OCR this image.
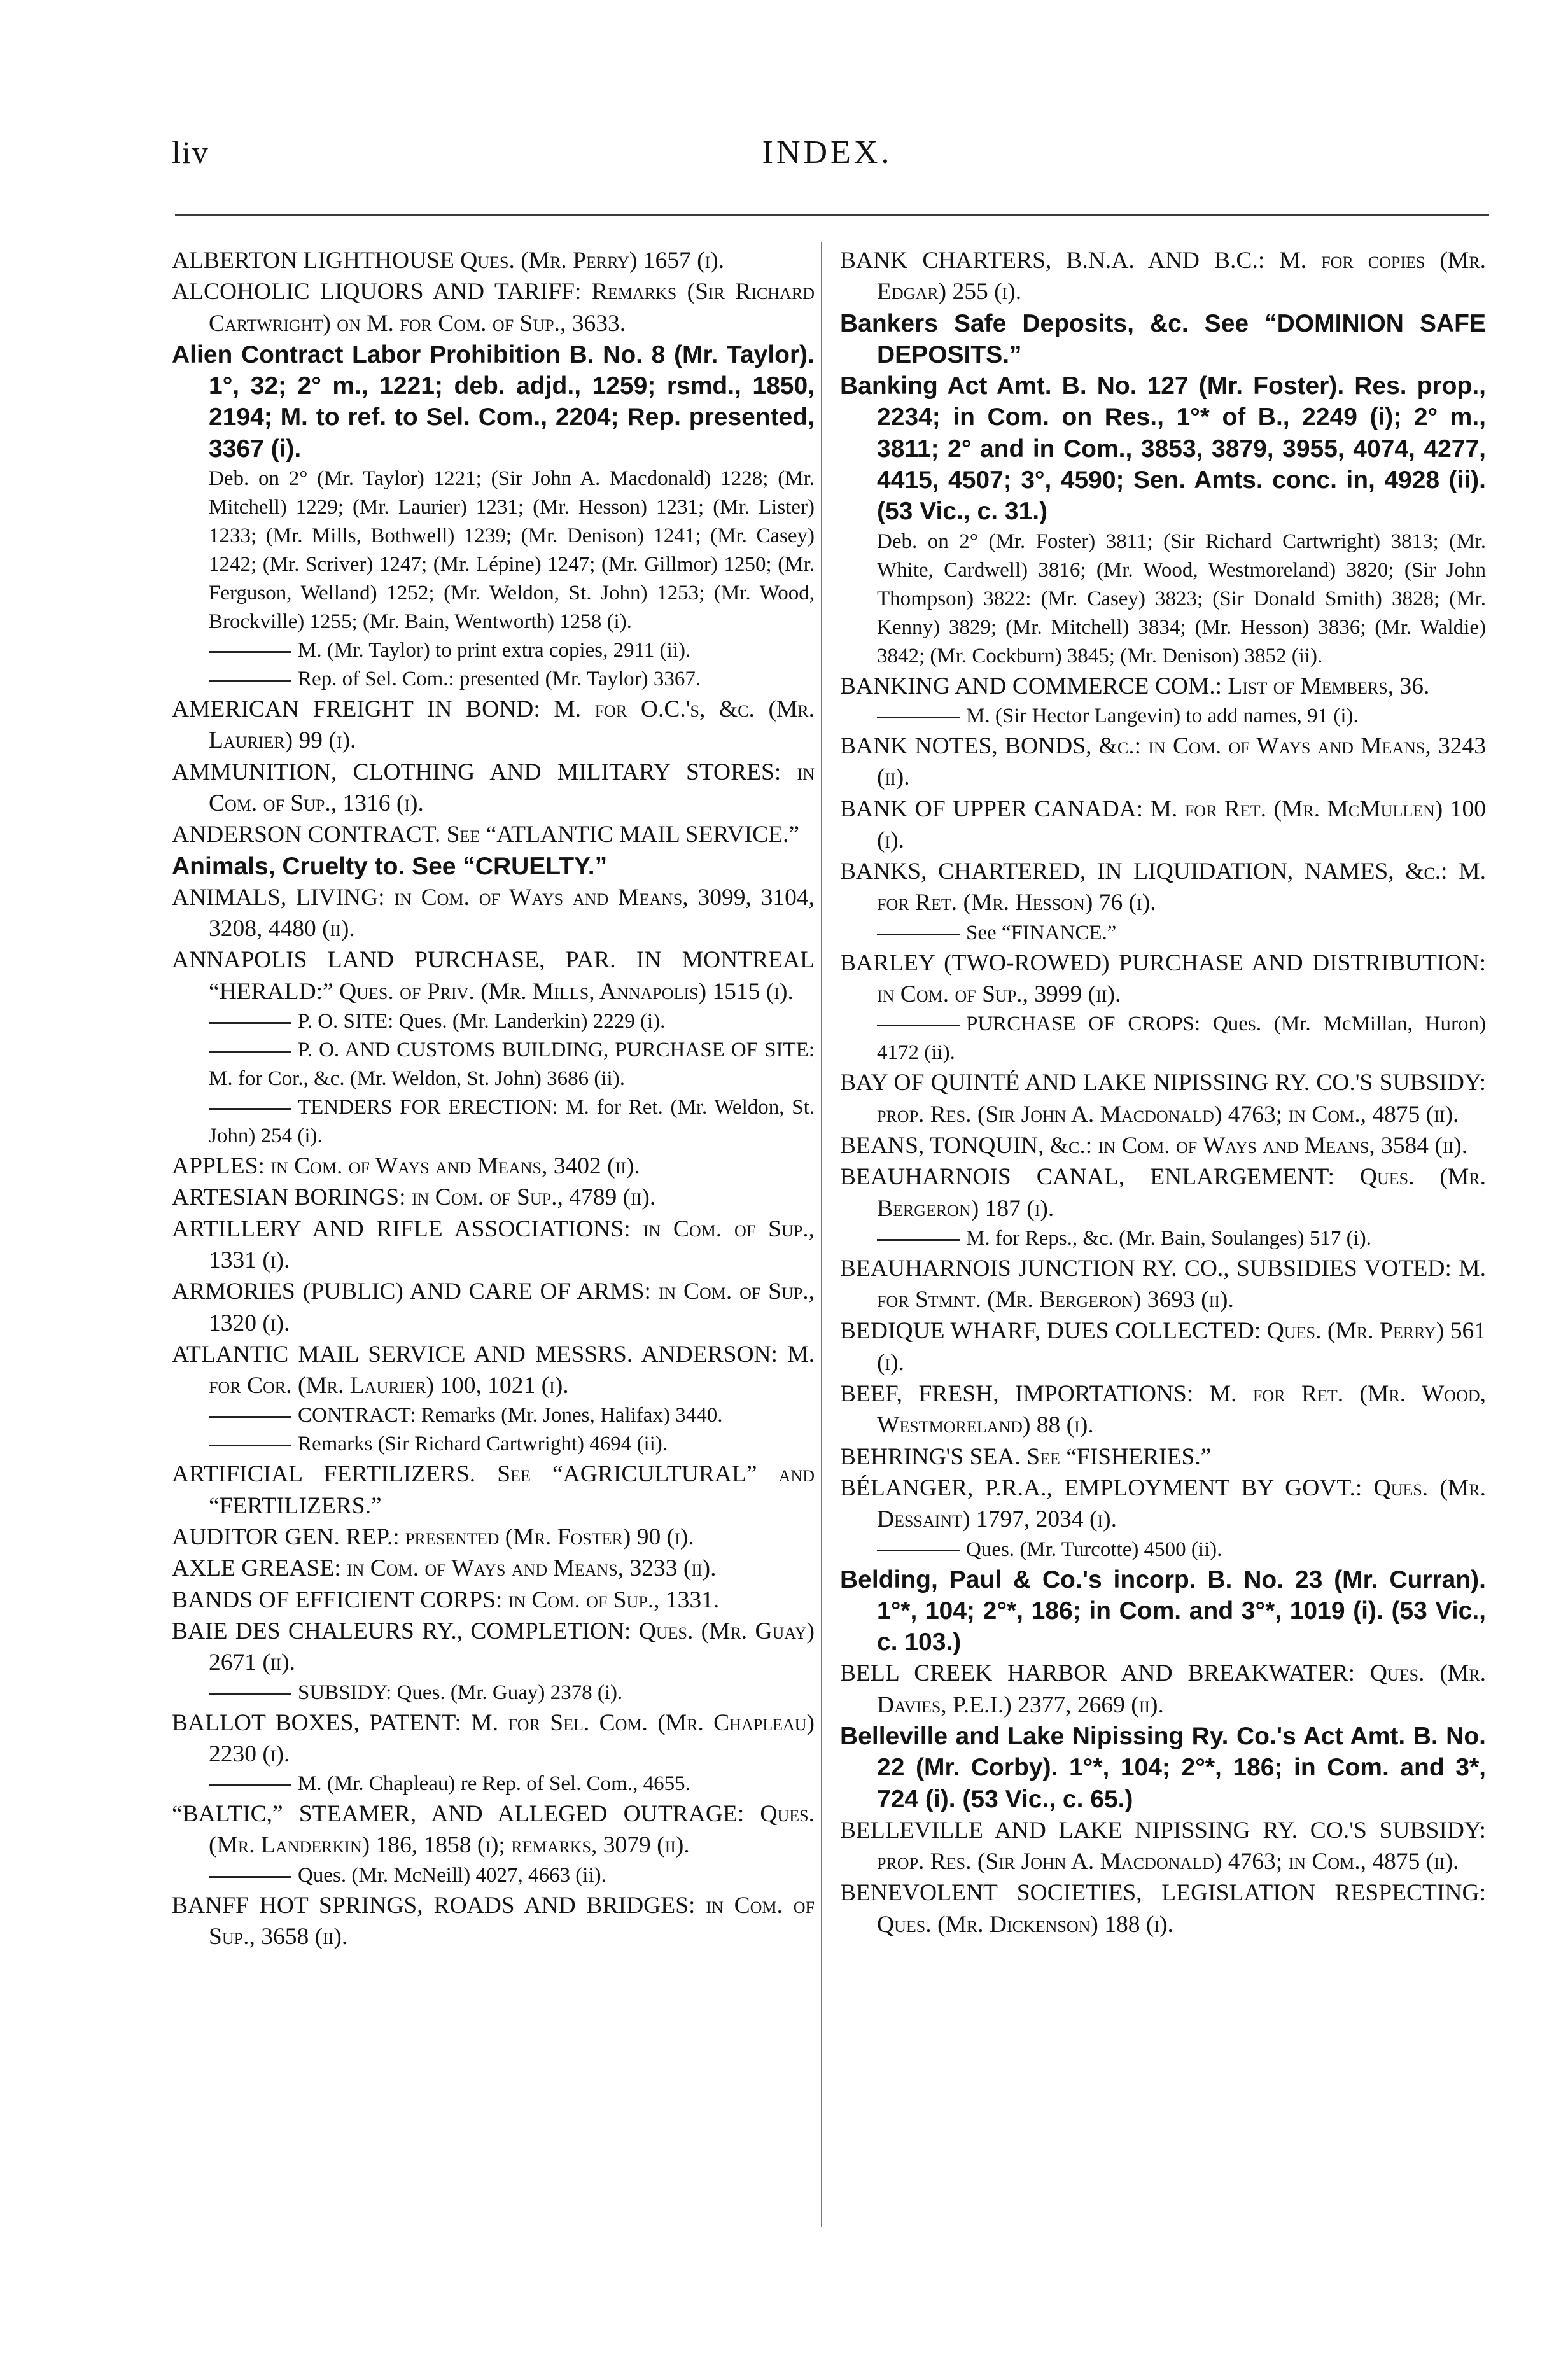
liv	INDEX.

ALBERTON LIGHTHOUSE Ques. (Mr. Perry) 1657 (i).

ALCOHOLIC LIQUORS AND TARIFF: Remarks (Sir Richard Cartwright) on M. for Com. of Sup., 3633.

Alien Contract Labor Prohibition B. No. 8 (Mr. Taylor). 1°, 32; 2° m., 1221; deb. adjd., 1259; rsmd., 1850, 2194; M. to ref. to Sel. Com., 2204; Rep. presented, 3367 (i).

Deb. on 2° (Mr. Taylor) 1221; (Sir John A. Macdonald) 1228; (Mr. Mitchell) 1229; (Mr. Laurier) 1231; (Mr. Hesson) 1231; (Mr. Lister) 1233; (Mr. Mills, Bothwell) 1239; (Mr. Denison) 1241; (Mr. Casey) 1242; (Mr. Scriver) 1247; (Mr. Lépine) 1247; (Mr. Gillmor) 1250; (Mr. Ferguson, Welland) 1252; (Mr. Weldon, St. John) 1253; (Mr. Wood, Brockville) 1255; (Mr. Bain, Wentworth) 1258 (i).

M. (Mr. Taylor) to print extra copies, 2911 (ii).

Rep. of Sel. Com.: presented (Mr. Taylor) 3367.

AMERICAN FREIGHT IN BOND: M. for O.C.'s, &c. (Mr. Laurier) 99 (i).

AMMUNITION, CLOTHING AND MILITARY STORES: in Com. of Sup., 1316 (i).

ANDERSON CONTRACT. See “ATLANTIC MAIL SERVICE.”

Animals, Cruelty to. See “CRUELTY.”

ANIMALS, LIVING: in Com. of Ways and Means, 3099, 3104, 3208, 4480 (ii).

ANNAPOLIS LAND PURCHASE, PAR. IN MONTREAL “HERALD:” Ques. of Priv. (Mr. Mills, Annapolis) 1515 (i).

P. O. SITE: Ques. (Mr. Landerkin) 2229 (i).

P. O. AND CUSTOMS BUILDING, PURCHASE OF SITE: M. for Cor., &c. (Mr. Weldon, St. John) 3686 (ii).

TENDERS FOR ERECTION: M. for Ret. (Mr. Weldon, St. John) 254 (i).

APPLES: in Com. of Ways and Means, 3402 (ii).

ARTESIAN BORINGS: in Com. of Sup., 4789 (ii).

ARTILLERY AND RIFLE ASSOCIATIONS: in Com. of Sup., 1331 (i).

ARMORIES (PUBLIC) AND CARE OF ARMS: in Com. of Sup., 1320 (i).

ATLANTIC MAIL SERVICE AND MESSRS. ANDERSON: M. for Cor. (Mr. Laurier) 100, 1021 (i).

CONTRACT: Remarks (Mr. Jones, Halifax) 3440.

Remarks (Sir Richard Cartwright) 4694 (ii).

ARTIFICIAL FERTILIZERS. See “AGRICULTURAL” and “FERTILIZERS.”

AUDITOR GEN. REP.: presented (Mr. Foster) 90 (i).

AXLE GREASE: in Com. of Ways and Means, 3233 (ii).

BANDS OF EFFICIENT CORPS: in Com. of Sup., 1331.

BAIE DES CHALEURS RY., COMPLETION: Ques. (Mr. Guay) 2671 (ii).

SUBSIDY: Ques. (Mr. Guay) 2378 (i).

BALLOT BOXES, PATENT: M. for Sel. Com. (Mr. Chapleau) 2230 (i).

M. (Mr. Chapleau) re Rep. of Sel. Com., 4655.

“BALTIC,” STEAMER, AND ALLEGED OUTRAGE: Ques. (Mr. Landerkin) 186, 1858 (i); remarks, 3079 (ii).

Ques. (Mr. McNeill) 4027, 4663 (ii).

BANFF HOT SPRINGS, ROADS AND BRIDGES: in Com. of Sup., 3658 (ii).

BANK CHARTERS, B.N.A. AND B.C.: M. for copies (Mr. Edgar) 255 (i).

Bankers Safe Deposits, &c. See “DOMINION SAFE DEPOSITS.”

Banking Act Amt. B. No. 127 (Mr. Foster). Res. prop., 2234; in Com. on Res., 1°* of B., 2249 (i); 2° m., 3811; 2° and in Com., 3853, 3879, 3955, 4074, 4277, 4415, 4507; 3°, 4590; Sen. Amts. conc. in, 4928 (ii). (53 Vic., c. 31.)

Deb. on 2° (Mr. Foster) 3811; (Sir Richard Cartwright) 3813; (Mr. White, Cardwell) 3816; (Mr. Wood, Westmoreland) 3820; (Sir John Thompson) 3822: (Mr. Casey) 3823; (Sir Donald Smith) 3828; (Mr. Kenny) 3829; (Mr. Mitchell) 3834; (Mr. Hesson) 3836; (Mr. Waldie) 3842; (Mr. Cockburn) 3845; (Mr. Denison) 3852 (ii).

BANKING AND COMMERCE COM.: List of Members, 36.

M. (Sir Hector Langevin) to add names, 91 (i).

BANK NOTES, BONDS, &c.: in Com. of Ways and Means, 3243 (ii).

BANK OF UPPER CANADA: M. for Ret. (Mr. McMullen) 100 (i).

BANKS, CHARTERED, IN LIQUIDATION, NAMES, &c.: M. for Ret. (Mr. Hesson) 76 (i).

See “FINANCE.”

BARLEY (TWO-ROWED) PURCHASE AND DISTRIBUTION: in Com. of Sup., 3999 (ii).

PURCHASE OF CROPS: Ques. (Mr. McMillan, Huron) 4172 (ii).

BAY OF QUINTÉ AND LAKE NIPISSING RY. CO.'S SUBSIDY: prop. Res. (Sir John A. Macdonald) 4763; in Com., 4875 (ii).

BEANS, TONQUIN, &c.: in Com. of Ways and Means, 3584 (ii).

BEAUHARNOIS CANAL, ENLARGEMENT: Ques. (Mr. Bergeron) 187 (i).

M. for Reps., &c. (Mr. Bain, Soulanges) 517 (i).

BEAUHARNOIS JUNCTION RY. CO., SUBSIDIES VOTED: M. for Stmnt. (Mr. Bergeron) 3693 (ii).

BEDIQUE WHARF, DUES COLLECTED: Ques. (Mr. Perry) 561 (i).

BEEF, FRESH, IMPORTATIONS: M. for Ret. (Mr. Wood, Westmoreland) 88 (i).

BEHRING'S SEA. See “FISHERIES.”

BÉLANGER, P.R.A., EMPLOYMENT BY GOVT.: Ques. (Mr. Dessaint) 1797, 2034 (i).

Ques. (Mr. Turcotte) 4500 (ii).

Belding, Paul & Co.'s incorp. B. No. 23 (Mr. Curran). 1°*, 104; 2°*, 186; in Com. and 3°*, 1019 (i). (53 Vic., c. 103.)

BELL CREEK HARBOR AND BREAKWATER: Ques. (Mr. Davies, P.E.I.) 2377, 2669 (ii).

Belleville and Lake Nipissing Ry. Co.'s Act Amt. B. No. 22 (Mr. Corby). 1°*, 104; 2°*, 186; in Com. and 3*, 724 (i). (53 Vic., c. 65.)

BELLEVILLE AND LAKE NIPISSING RY. CO.'S SUBSIDY: prop. Res. (Sir John A. Macdonald) 4763; in Com., 4875 (ii).

BENEVOLENT SOCIETIES, LEGISLATION RESPECTING: Ques. (Mr. Dickenson) 188 (i).
